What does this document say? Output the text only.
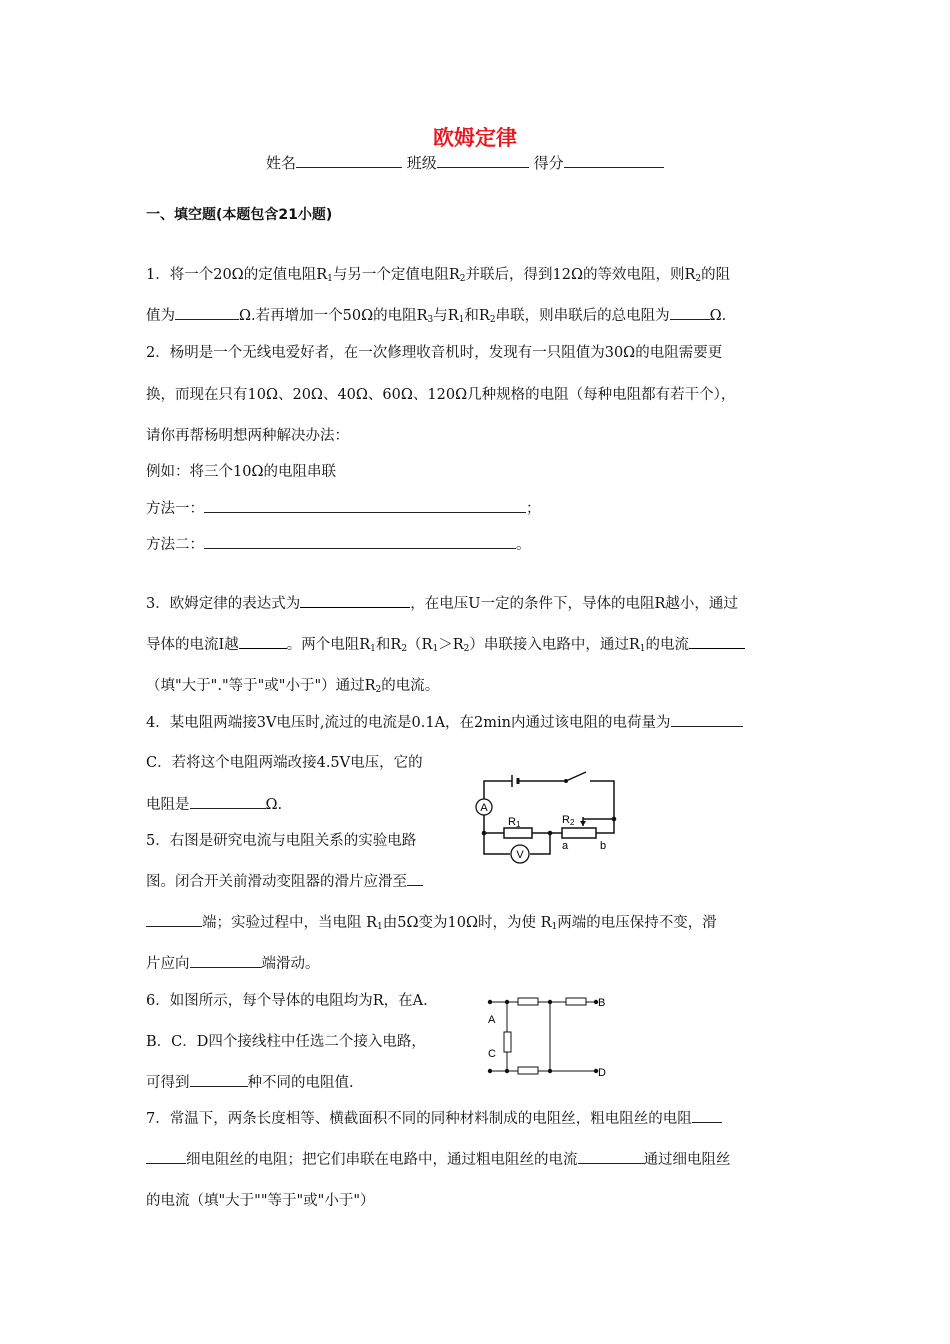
欧姆定律
姓名	班级	得分
一、填空题(本题包含21小题)
1．将一个20Ω的定值电阻$R_1$与另一个定值电阻$R_2$并联后，得到12Ω的等效电阻，则$R_2$的阻
值为	Ω.若再增加一个50Ω的电阻$R_3$与$R_1$和$R_2$串联，则串联后的总电阻为	Ω.
2．杨明是一个无线电爱好者，在一次修理收音机时，发现有一只阻值为30Ω的电阻需要更
换，而现在只有10Ω、20Ω、40Ω、60Ω、120Ω几种规格的电阻（每种电阻都有若干个），
请你再帮杨明想两种解决办法：
例如：将三个10Ω的电阻串联
方法一：	；
方法二：	。
3．欧姆定律的表达式为	，在电压U一定的条件下，导体的电阻R越小，通过
导体的电流I越	。两个电阻$R_1$和$R_2(R_1>R_2)$串联接入电路中，通过$R_1$的电流
（填"大于"."等于"或"小于"）通过$R_2$的电流。
4．某电阻两端接3V电压时,流过的电流是0.1A，在2min内通过该电阻的电荷量为
C．若将这个电阻两端改接4.5V电压，它的
电阻是	Ω.
5．右图是研究电流与电阻关系的实验电路
图。闭合开关前滑动变阻器的滑片应滑至
端；实验过程中，当电阻 $R_1$由5Ω变为10Ω时，为使 $R_1$两端的电压保持不变，滑
片应向	端滑动。
6．如图所示，每个导体的电阻均为R，在A.
B．C．D四个接线柱中任选二个接入电路，
可得到	种不同的电阻值.
7．常温下，两条长度相等、横截面积不同的同种材料制成的电阻丝，粗电阻丝的电阻
细电阻丝的电阻；把它们串联在电路中，通过粗电阻丝的电流	通过细电阻丝
的电流（填"大于""等于"或"小于"）
A
V
R1	R2
a	b
A
C
B
D
